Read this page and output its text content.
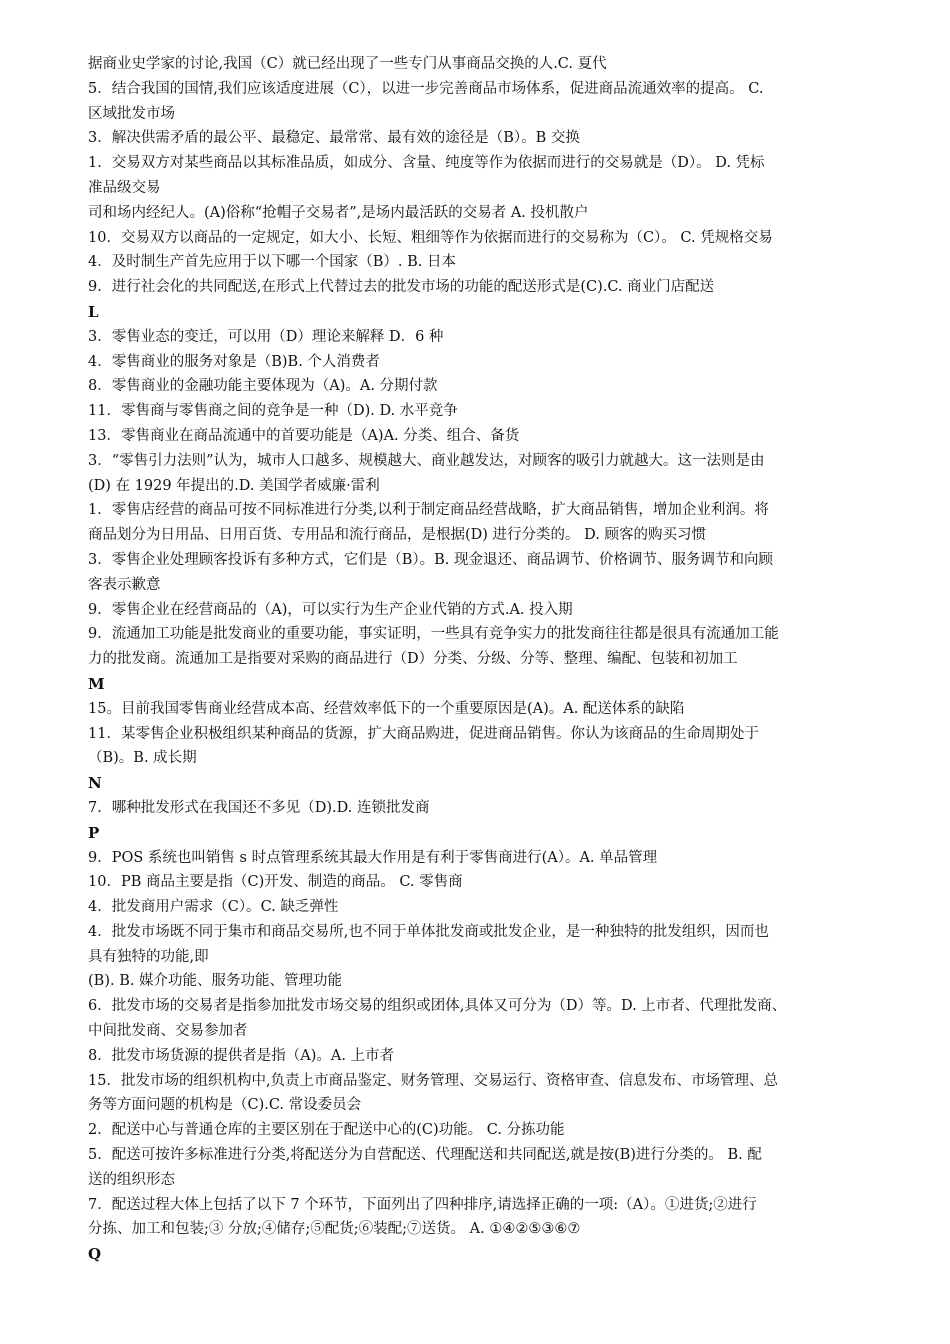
据商业史学家的讨论,我国（C）就已经出现了一些专门从事商品交换的人.C. 夏代
5．结合我国的国情,我们应该适度进展（C），以进一步完善商品市场体系，促进商品流通效率的提高。 C.
区域批发市场
3．解决供需矛盾的最公平、最稳定、最常常、最有效的途径是（B）。B 交换
1．交易双方对某些商品以其标准品质，如成分、含量、纯度等作为依据而进行的交易就是（D）。 D. 凭标
准品级交易
司和场内经纪人。(A)俗称“抢帽子交易者”,是场内最活跃的交易者 A. 投机散户
10．交易双方以商品的一定规定，如大小、长短、粗细等作为依据而进行的交易称为（C）。 C. 凭规格交易
4．及时制生产首先应用于以下哪一个国家（B）. B. 日本
9．进行社会化的共同配送,在形式上代替过去的批发市场的功能的配送形式是(C).C. 商业门店配送
L
3．零售业态的变迁，可以用（D）理论来解释 D．6 种
4．零售商业的服务对象是（B)B. 个人消费者
8．零售商业的金融功能主要体现为（A)。A. 分期付款
11．零售商与零售商之间的竞争是一种（D). D. 水平竞争
13．零售商业在商品流通中的首要功能是（A)A. 分类、组合、备货
3．“零售引力法则”认为，城市人口越多、规模越大、商业越发达，对顾客的吸引力就越大。这一法则是由
(D) 在 1929 年提出的.D. 美国学者威廉·雷利
1．零售店经营的商品可按不同标准进行分类,以利于制定商品经营战略，扩大商品销售，增加企业利润。将
商品划分为日用品、日用百货、专用品和流行商品，是根据(D) 进行分类的。 D. 顾客的购买习惯
3．零售企业处理顾客投诉有多种方式，它们是（B）。B. 现金退还、商品调节、价格调节、服务调节和向顾
客表示歉意
9．零售企业在经营商品的（A)，可以实行为生产企业代销的方式.A. 投入期
9．流通加工功能是批发商业的重要功能，事实证明，一些具有竞争实力的批发商往往都是很具有流通加工能
力的批发商。流通加工是指要对采购的商品进行（D）分类、分级、分等、整理、编配、包装和初加工
M
15。目前我国零售商业经营成本高、经营效率低下的一个重要原因是(A)。A. 配送体系的缺陷
11．某零售企业积极组织某种商品的货源，扩大商品购进，促进商品销售。你认为该商品的生命周期处于
（B)。B. 成长期
N
7．哪种批发形式在我国还不多见（D).D. 连锁批发商
P
9．POS 系统也叫销售 s 时点管理系统其最大作用是有利于零售商进行(A）。A. 单品管理
10．PB 商品主要是指（C)开发、制造的商品。 C. 零售商
4．批发商用户需求（C）。C. 缺乏弹性
4．批发市场既不同于集市和商品交易所,也不同于单体批发商或批发企业，是一种独特的批发组织，因而也
具有独特的功能,即
(B). B. 媒介功能、服务功能、管理功能
6．批发市场的交易者是指参加批发市场交易的组织或团体,具体又可分为（D）等。D. 上市者、代理批发商、
中间批发商、交易参加者
8．批发市场货源的提供者是指（A)。A. 上市者
15．批发市场的组织机构中,负责上市商品鉴定、财务管理、交易运行、资格审查、信息发布、市场管理、总
务等方面问题的机构是（C).C. 常设委员会
2．配送中心与普通仓库的主要区别在于配送中心的(C)功能。 C. 分拣功能
5．配送可按许多标准进行分类,将配送分为自营配送、代理配送和共同配送,就是按(B)进行分类的。 B. 配
送的组织形态
7．配送过程大体上包括了以下 7 个环节，下面列出了四种排序,请选择正确的一项:（A）。①进货;②进行
分拣、加工和包装;③ 分放;④储存;⑤配货;⑥装配;⑦送货。 A. ①④②⑤③⑥⑦
Q
